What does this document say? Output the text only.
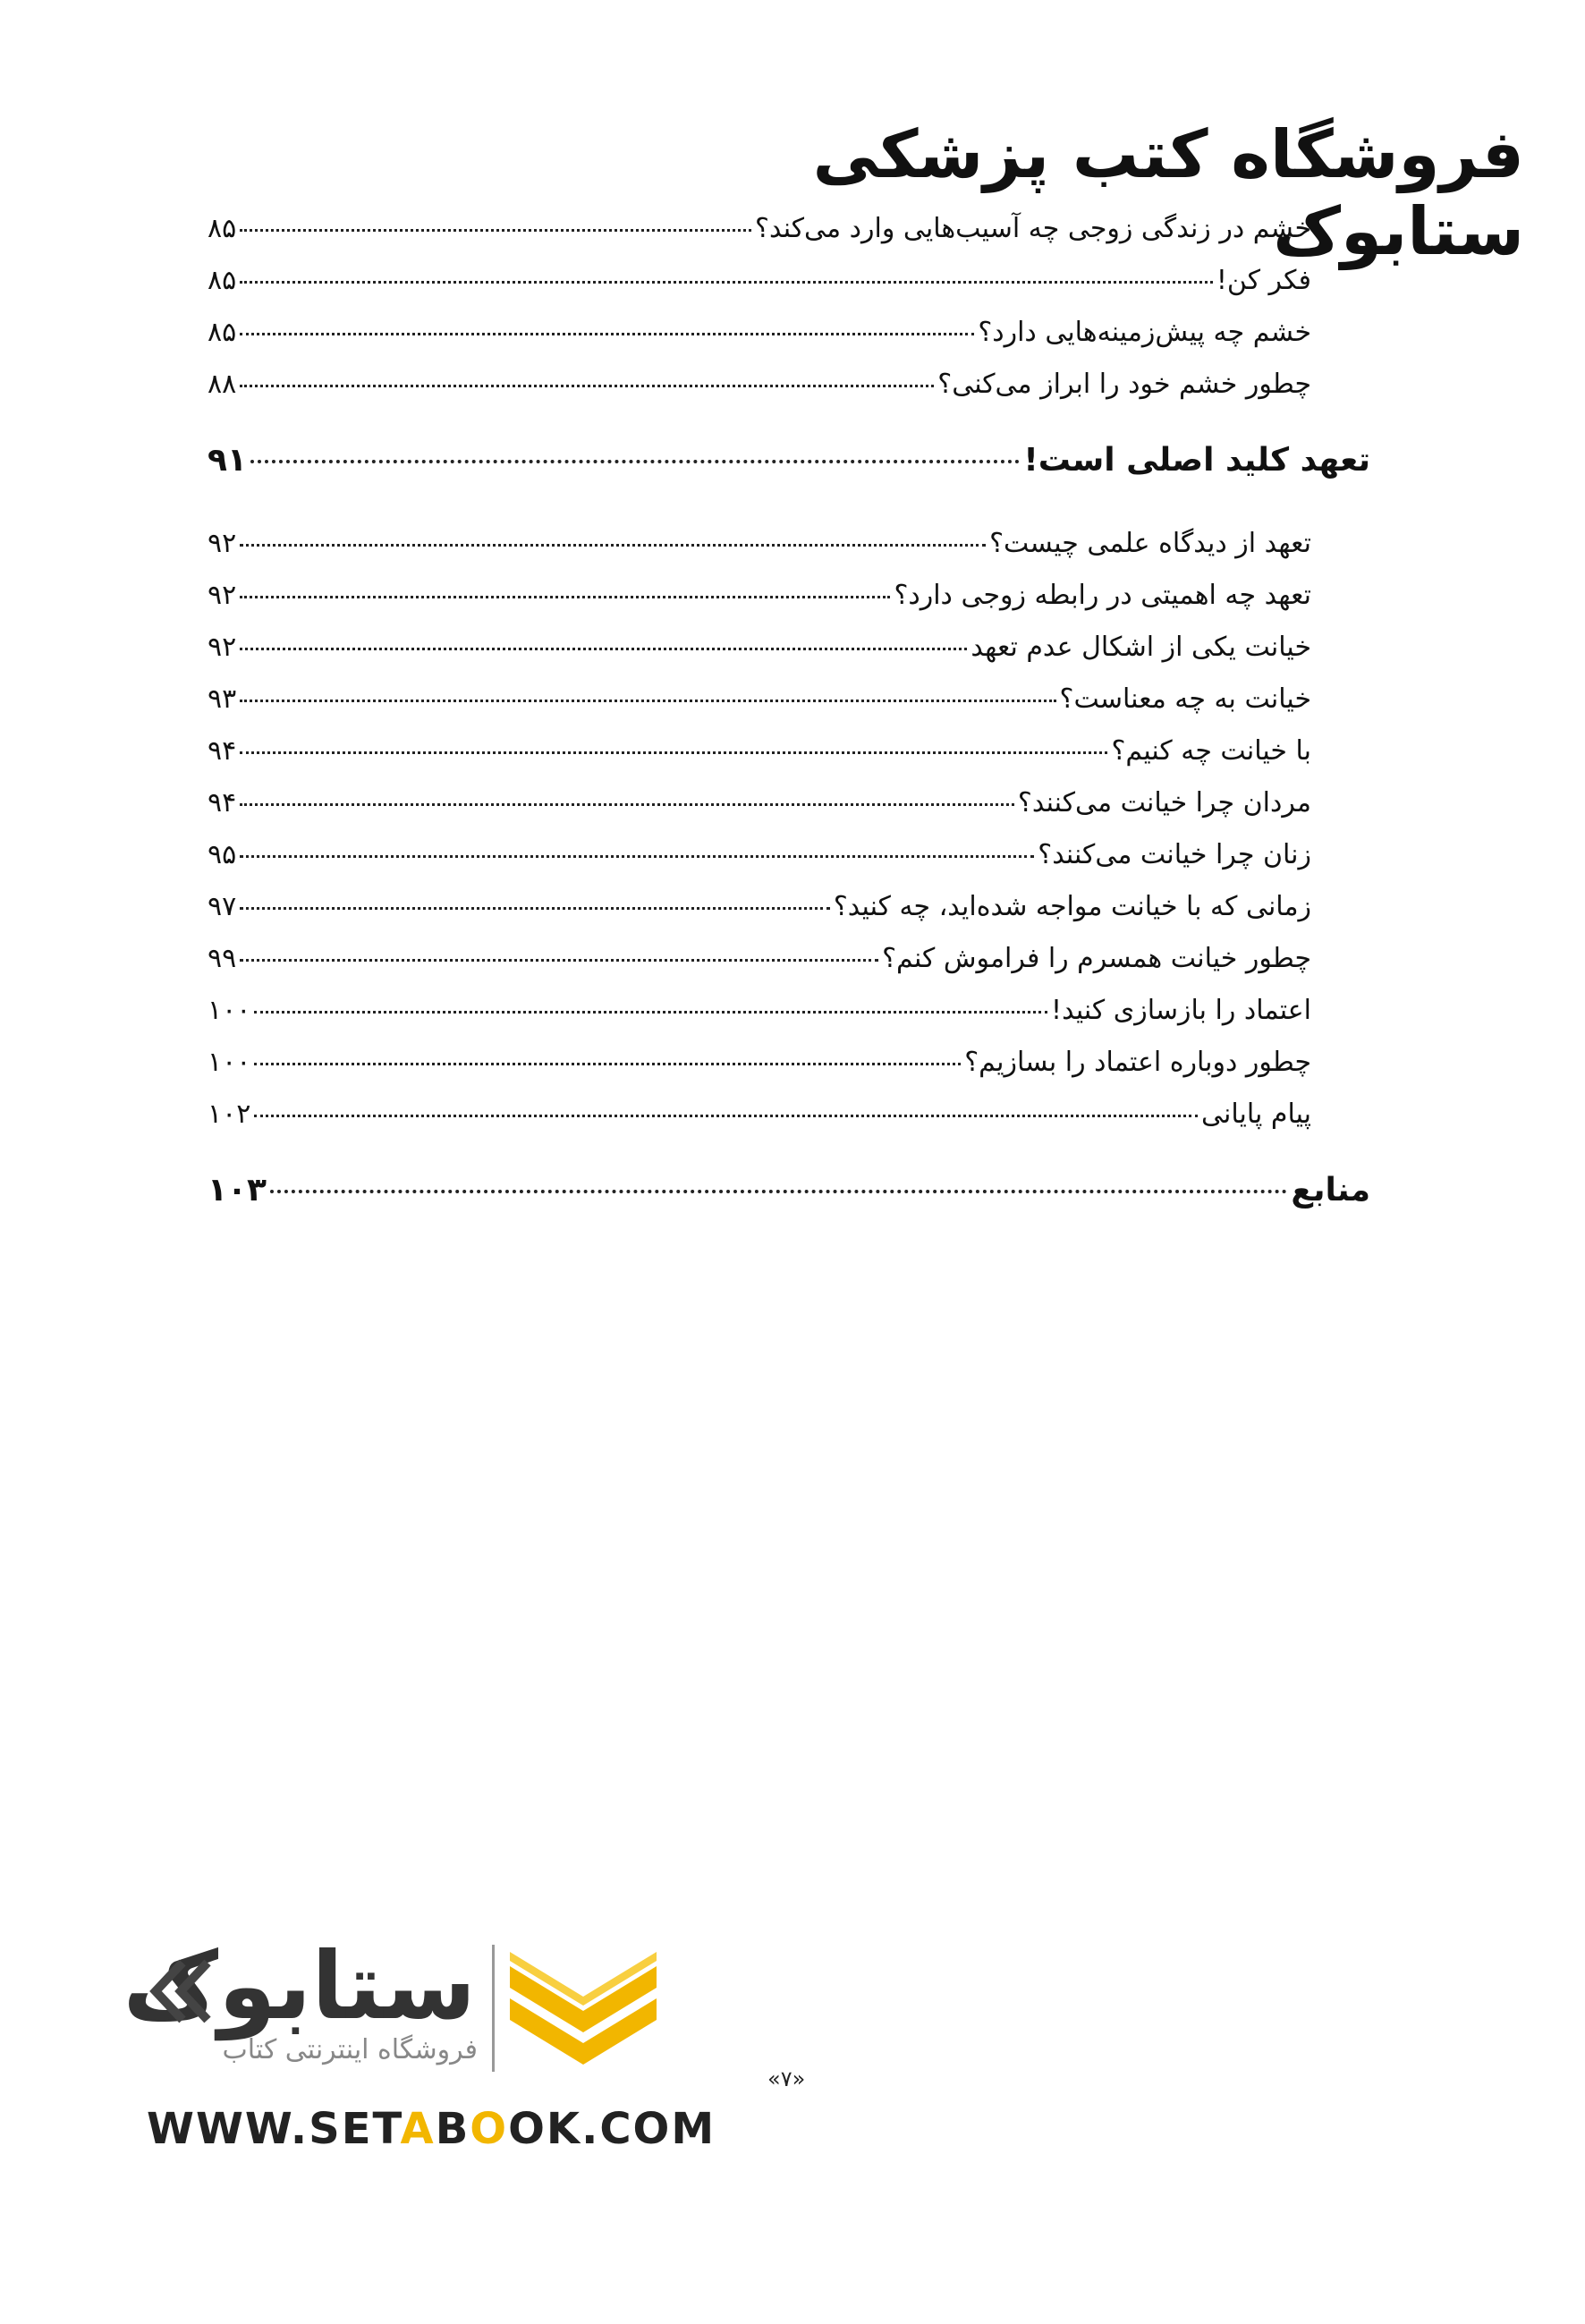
فروشگاه کتب پزشکی ستابوک
خشم در زندگی زوجی چه آسیب‌هایی وارد می‌کند؟
۸۵
فکر کن!
۸۵
خشم چه پیش‌زمینه‌هایی دارد؟
۸۵
چطور خشم خود را ابراز می‌کنی؟
۸۸
تعهد کلید اصلی است!
۹۱
تعهد از دیدگاه علمی چیست؟
۹۲
تعهد چه اهمیتی در رابطه زوجی دارد؟
۹۲
خیانت یکی از اشکال عدم تعهد
۹۲
خیانت به چه معناست؟
۹۳
با خیانت چه کنیم؟
۹۴
مردان چرا خیانت می‌کنند؟
۹۴
زنان چرا خیانت می‌کنند؟
۹۵
زمانی که با خیانت مواجه شده‌اید، چه کنید؟
۹۷
چطور خیانت همسرم را فراموش کنم؟
۹۹
اعتماد را بازسازی کنید!
۱۰۰
چطور دوباره اعتماد را بسازیم؟
۱۰۰
پیام پایانی
۱۰۲
منابع
۱۰۳
ستابوک
فروشگاه اینترنتی کتاب
«۷»
WWW.SETABOOK.COM
